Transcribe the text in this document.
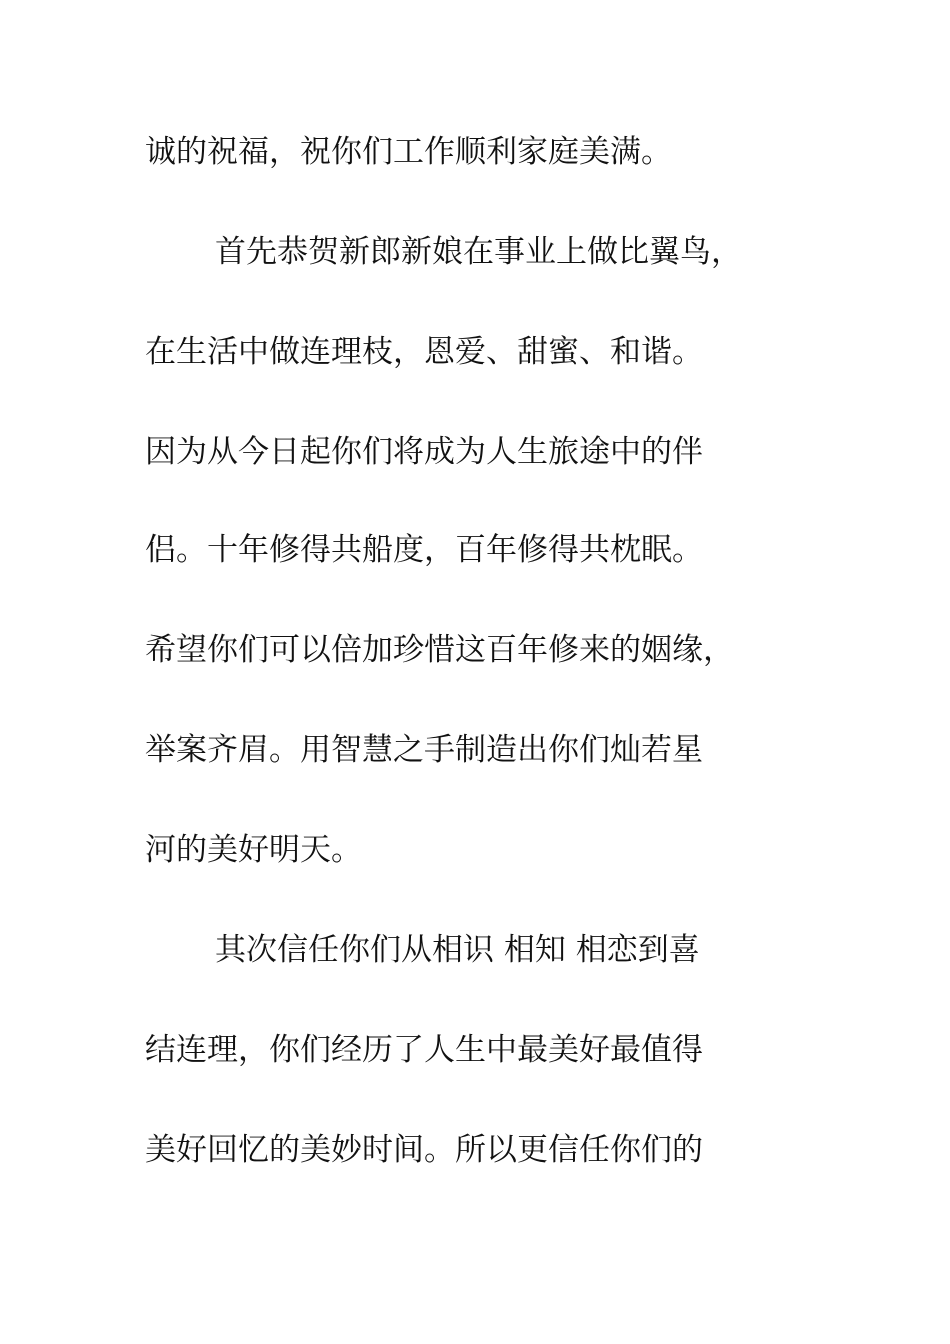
诚的祝福，祝你们工作顺利家庭美满。
首先恭贺新郎新娘在事业上做比翼鸟，
在生活中做连理枝，恩爱、甜蜜、和谐。
因为从今日起你们将成为人生旅途中的伴
侣。十年修得共船度，百年修得共枕眠。
希望你们可以倍加珍惜这百年修来的姻缘，
举案齐眉。用智慧之手制造出你们灿若星
河的美好明天。
其次信任你们从相识 相知 相恋到喜
结连理，你们经历了人生中最美好最值得
美好回忆的美妙时间。所以更信任你们的
